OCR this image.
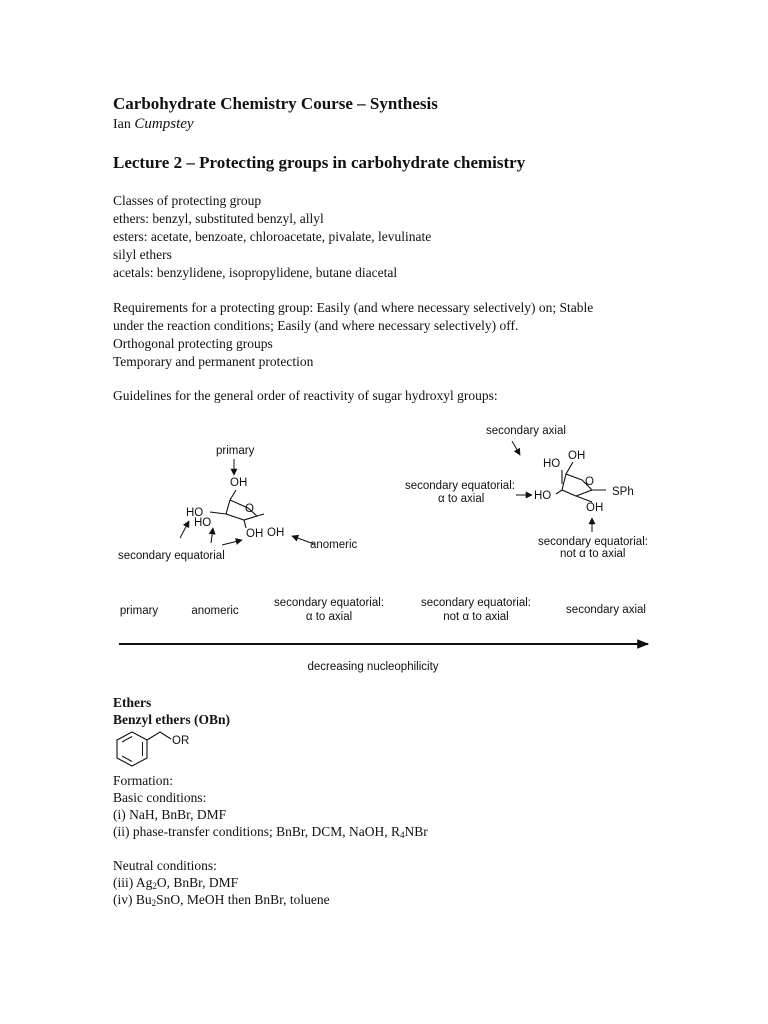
Carbohydrate Chemistry Course – Synthesis
Ian Cumpstey
Lecture 2 – Protecting groups in carbohydrate chemistry
Classes of protecting group
ethers: benzyl, substituted benzyl, allyl
esters: acetate, benzoate, chloroacetate, pivalate, levulinate
silyl ethers
acetals: benzylidene, isopropylidene, butane diacetal
Requirements for a protecting group: Easily (and where necessary selectively) on; Stable
under the reaction conditions; Easily (and where necessary selectively) off.
Orthogonal protecting groups
Temporary and permanent protection
Guidelines for the general order of reactivity of sugar hydroxyl groups:
primary
OH
O
HO
HO
OH OH
anomeric
secondary equatorial
secondary axial
HO
OH
O
SPh
secondary equatorial:
α to axial	HO
OH
secondary equatorial:
not α to axial
primary	anomeric
secondary equatorial:
α to axial
secondary equatorial:
not α to axial
secondary axial
decreasing nucleophilicity
Ethers
Benzyl ethers (OBn)
OR
Formation:
Basic conditions:
(i) NaH, BnBr, DMF
(ii) phase-transfer conditions; BnBr, DCM, NaOH, $R_4NBr$
Neutral conditions:
(iii) $Ag_2O$, BnBr, DMF
(iv) $Bu_2SnO$, MeOH then BnBr, toluene
